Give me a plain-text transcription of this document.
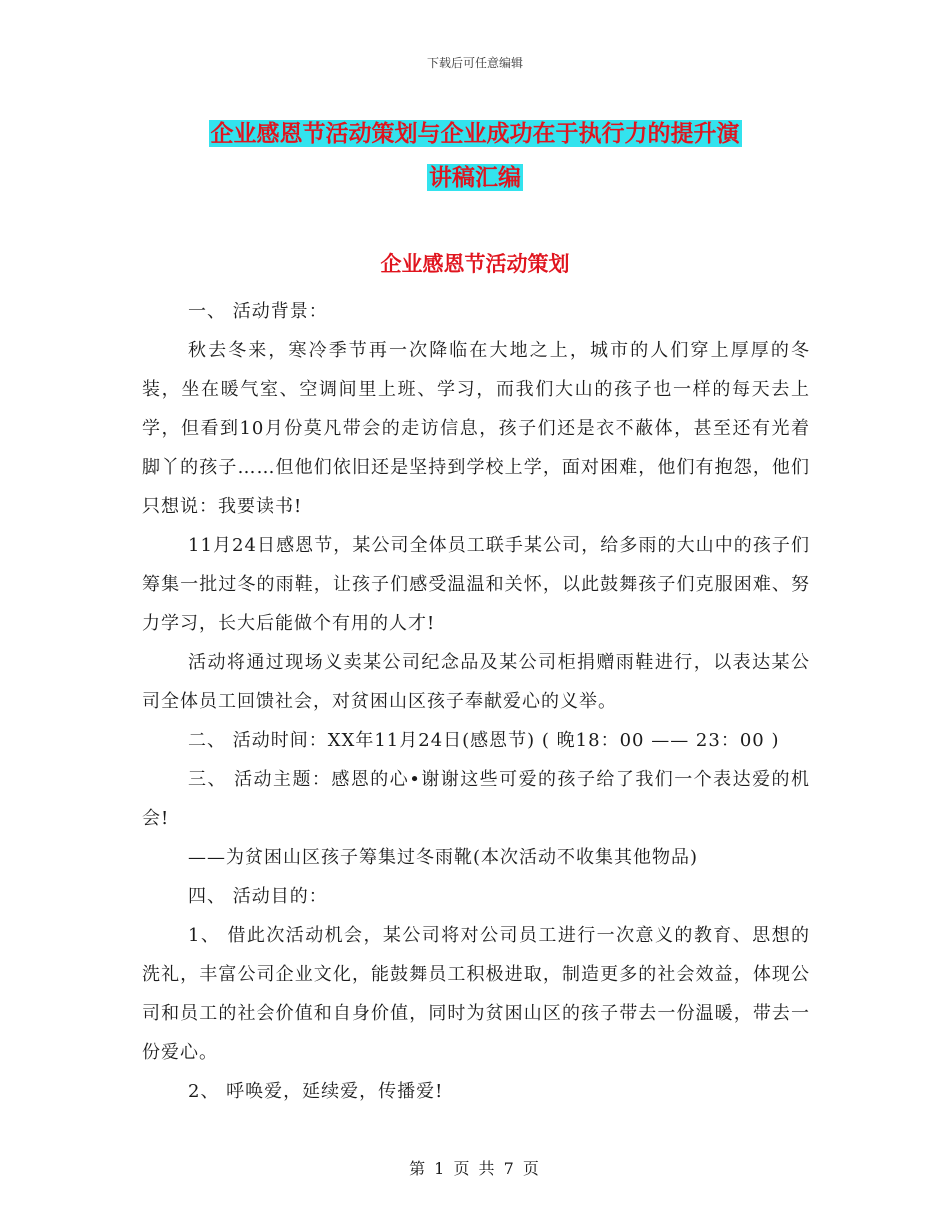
下载后可任意编辑
企业感恩节活动策划与企业成功在于执行力的提升演
讲稿汇编
企业感恩节活动策划

一、 活动背景：

秋去冬来，寒冷季节再一次降临在大地之上，城市的人们穿上厚厚的冬装，坐在暖气室、空调间里上班、学习，而我们大山的孩子也一样的每天去上学，但看到10月份莫凡带会的走访信息，孩子们还是衣不蔽体，甚至还有光着脚丫的孩子……但他们依旧还是坚持到学校上学，面对困难，他们有抱怨，他们只想说：我要读书!

11月24日感恩节，某公司全体员工联手某公司，给多雨的大山中的孩子们筹集一批过冬的雨鞋，让孩子们感受温温和关怀，以此鼓舞孩子们克服困难、努力学习，长大后能做个有用的人才!

活动将通过现场义卖某公司纪念品及某公司柜捐赠雨鞋进行，以表达某公司全体员工回馈社会，对贫困山区孩子奉献爱心的义举。

二、 活动时间：XX年11月24日(感恩节) ( 晚18：00 —— 23：00 )

三、 活动主题：感恩的心•谢谢这些可爱的孩子给了我们一个表达爱的机会!

——为贫困山区孩子筹集过冬雨靴(本次活动不收集其他物品)

四、 活动目的：

1、 借此次活动机会，某公司将对公司员工进行一次意义的教育、思想的洗礼，丰富公司企业文化，能鼓舞员工积极进取，制造更多的社会效益，体现公司和员工的社会价值和自身价值，同时为贫困山区的孩子带去一份温暖，带去一份爱心。

2、 呼唤爱，延续爱，传播爱!

第 1 页 共 7 页
